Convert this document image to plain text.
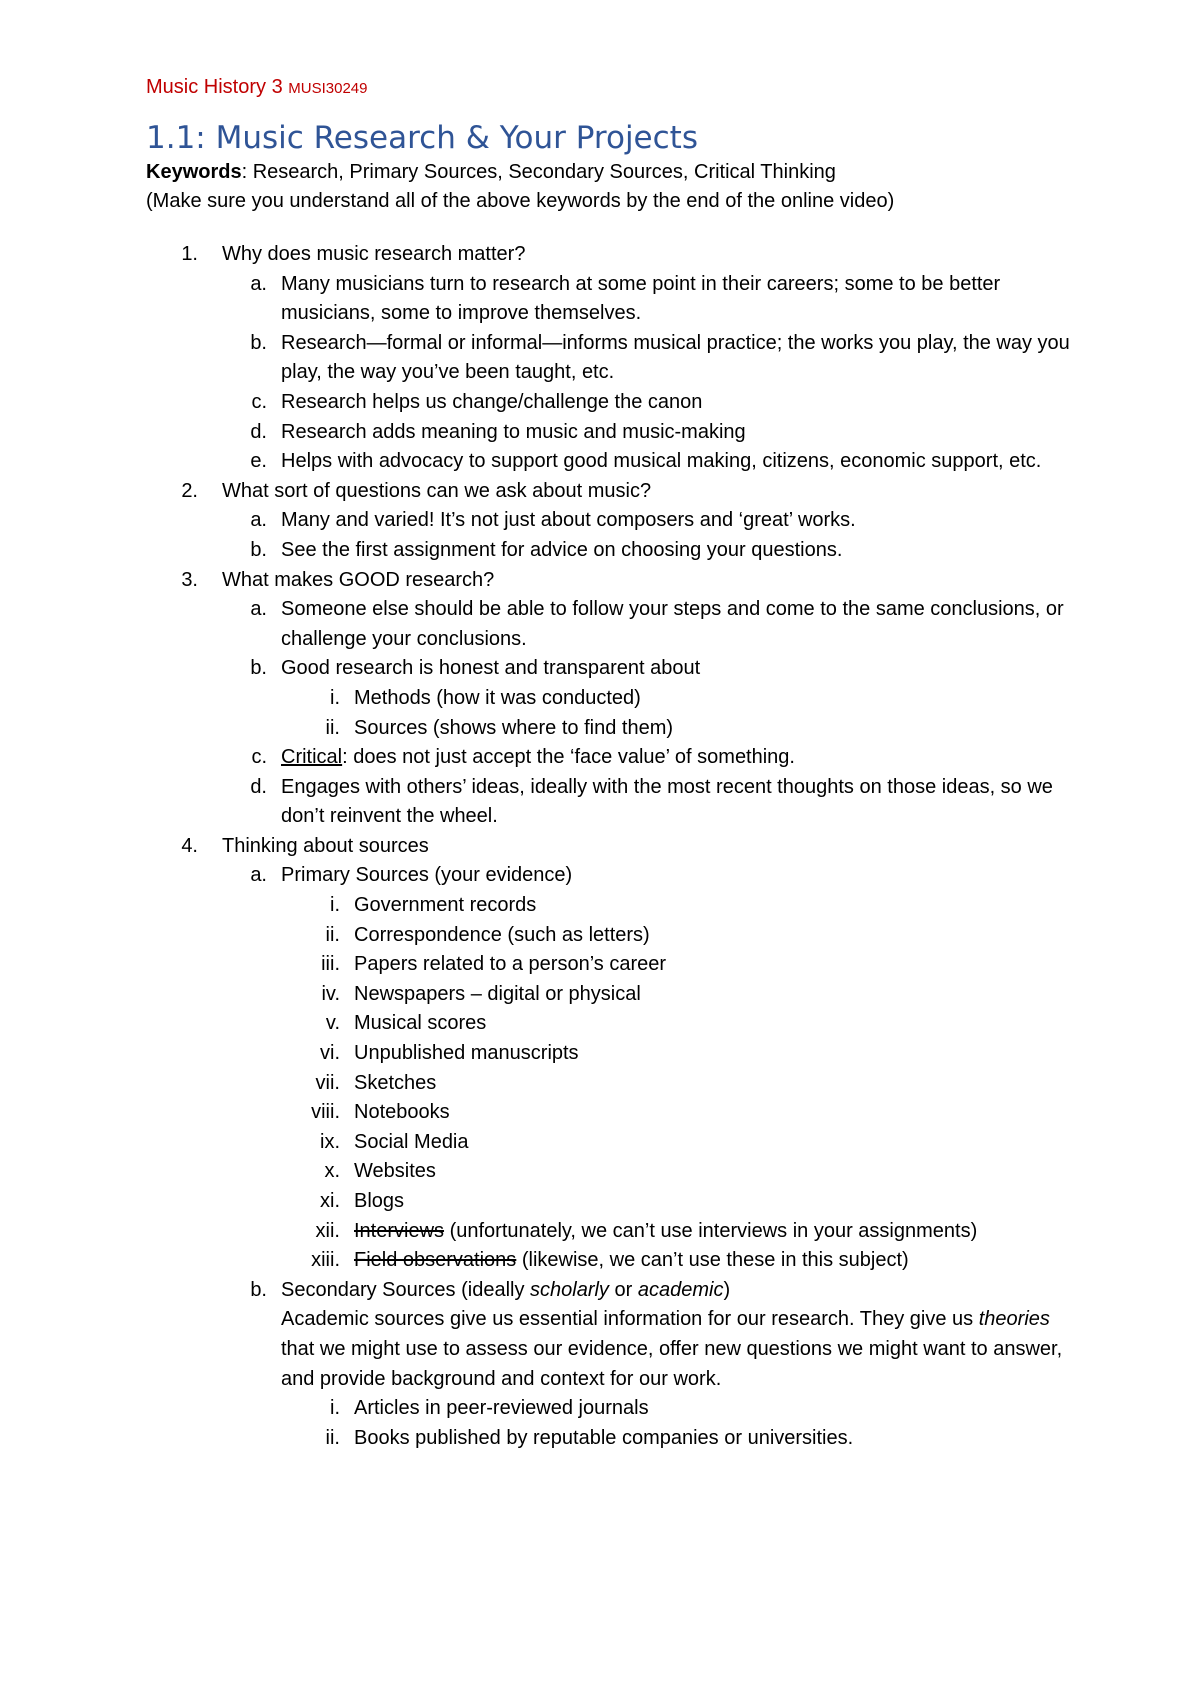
Music History 3 MUSI30249
1.1: Music Research & Your Projects
Keywords: Research, Primary Sources, Secondary Sources, Critical Thinking
(Make sure you understand all of the above keywords by the end of the online video)
1.	Why does music research matter?
a. Many musicians turn to research at some point in their careers; some to be better musicians, some to improve themselves.
b. Research—formal or informal—informs musical practice; the works you play, the way you play, the way you’ve been taught, etc.
c. Research helps us change/challenge the canon
d. Research adds meaning to music and music-making
e. Helps with advocacy to support good musical making, citizens, economic support, etc.
2.	What sort of questions can we ask about music?
a. Many and varied! It’s not just about composers and ‘great’ works.
b. See the first assignment for advice on choosing your questions.
3.	What makes GOOD research?
a. Someone else should be able to follow your steps and come to the same conclusions, or challenge your conclusions.
b. Good research is honest and transparent about
i. Methods (how it was conducted)
ii. Sources (shows where to find them)
c. Critical: does not just accept the ‘face value’ of something.
d. Engages with others’ ideas, ideally with the most recent thoughts on those ideas, so we don’t reinvent the wheel.
4.	Thinking about sources
a. Primary Sources (your evidence)
i. Government records
ii. Correspondence (such as letters)
iii. Papers related to a person’s career
iv. Newspapers – digital or physical
v. Musical scores
vi. Unpublished manuscripts
vii. Sketches
viii. Notebooks
ix. Social Media
x. Websites
xi. Blogs
xii. Interviews (unfortunately, we can’t use interviews in your assignments)
xiii. Field observations (likewise, we can’t use these in this subject)
b. Secondary Sources (ideally scholarly or academic)
Academic sources give us essential information for our research. They give us theories that we might use to assess our evidence, offer new questions we might want to answer, and provide background and context for our work.
i. Articles in peer-reviewed journals
ii. Books published by reputable companies or universities.
